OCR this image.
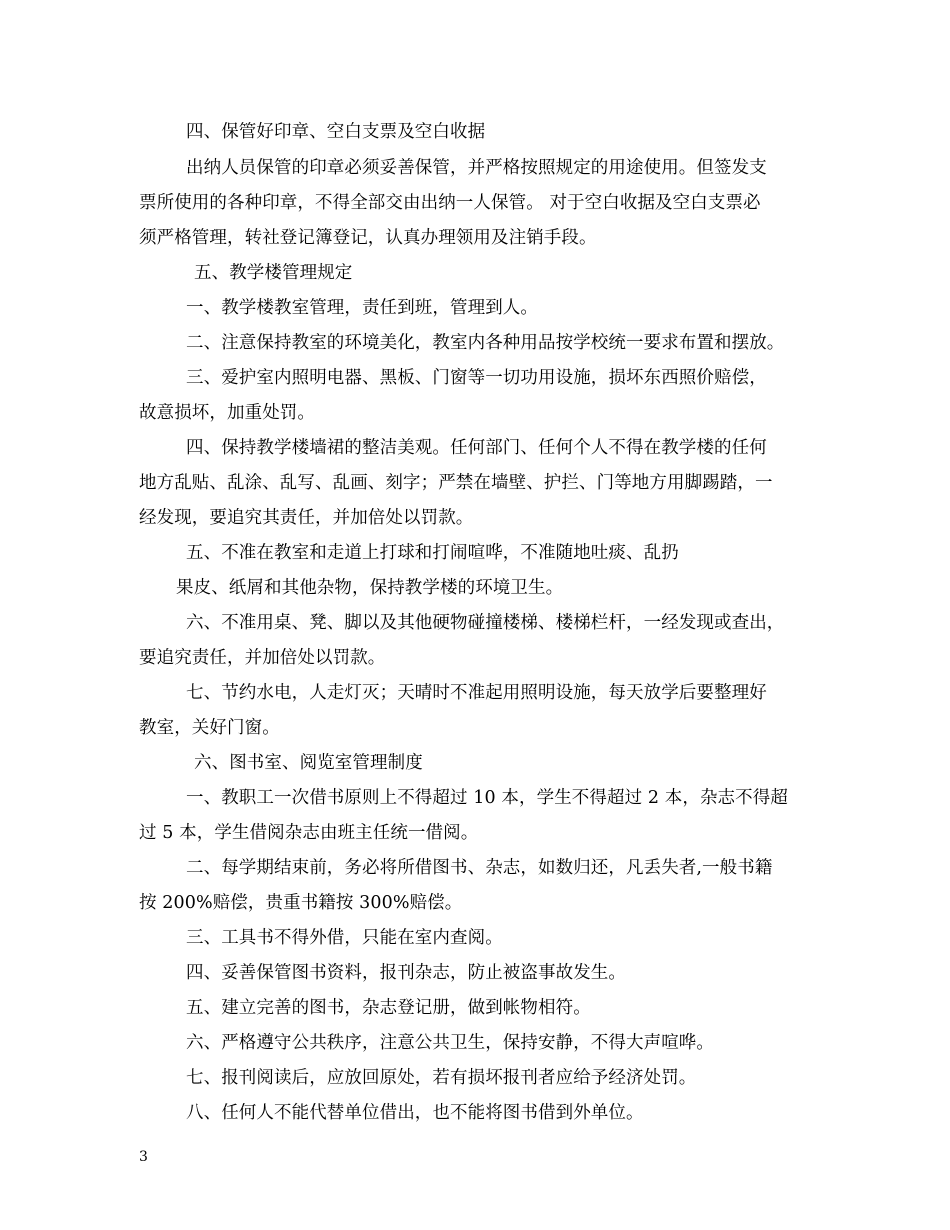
四、保管好印章、空白支票及空白收据
出纳人员保管的印章必须妥善保管，并严格按照规定的用途使用。但签发支
票所使用的各种印章，不得全部交由出纳一人保管。 对于空白收据及空白支票必
须严格管理，转社登记簿登记，认真办理领用及注销手段。
五、教学楼管理规定
一、教学楼教室管理，责任到班，管理到人。
二、注意保持教室的环境美化，教室内各种用品按学校统一要求布置和摆放。
三、爱护室内照明电器、黑板、门窗等一切功用设施，损坏东西照价赔偿，
故意损坏，加重处罚。
四、保持教学楼墙裙的整洁美观。任何部门、任何个人不得在教学楼的任何
地方乱贴、乱涂、乱写、乱画、刻字；严禁在墙壁、护拦、门等地方用脚踢踏，一
经发现，要追究其责任，并加倍处以罚款。
五、不准在教室和走道上打球和打闹喧哗，不准随地吐痰、乱扔
果皮、纸屑和其他杂物，保持教学楼的环境卫生。
六、不准用桌、凳、脚以及其他硬物碰撞楼梯、楼梯栏杆，一经发现或查出，
要追究责任，并加倍处以罚款。
七、节约水电，人走灯灭；天晴时不准起用照明设施，每天放学后要整理好
教室，关好门窗。
六、图书室、阅览室管理制度
一、教职工一次借书原则上不得超过 10 本，学生不得超过 2 本，杂志不得超
过 5 本，学生借阅杂志由班主任统一借阅。
二、每学期结束前，务必将所借图书、杂志，如数归还，凡丢失者,一般书籍
按 200%赔偿，贵重书籍按 300%赔偿。
三、工具书不得外借，只能在室内查阅。
四、妥善保管图书资料，报刊杂志，防止被盗事故发生。
五、建立完善的图书，杂志登记册，做到帐物相符。
六、严格遵守公共秩序，注意公共卫生，保持安静，不得大声喧哗。
七、报刊阅读后，应放回原处，若有损坏报刊者应给予经济处罚。
八、任何人不能代替单位借出，也不能将图书借到外单位。
3
